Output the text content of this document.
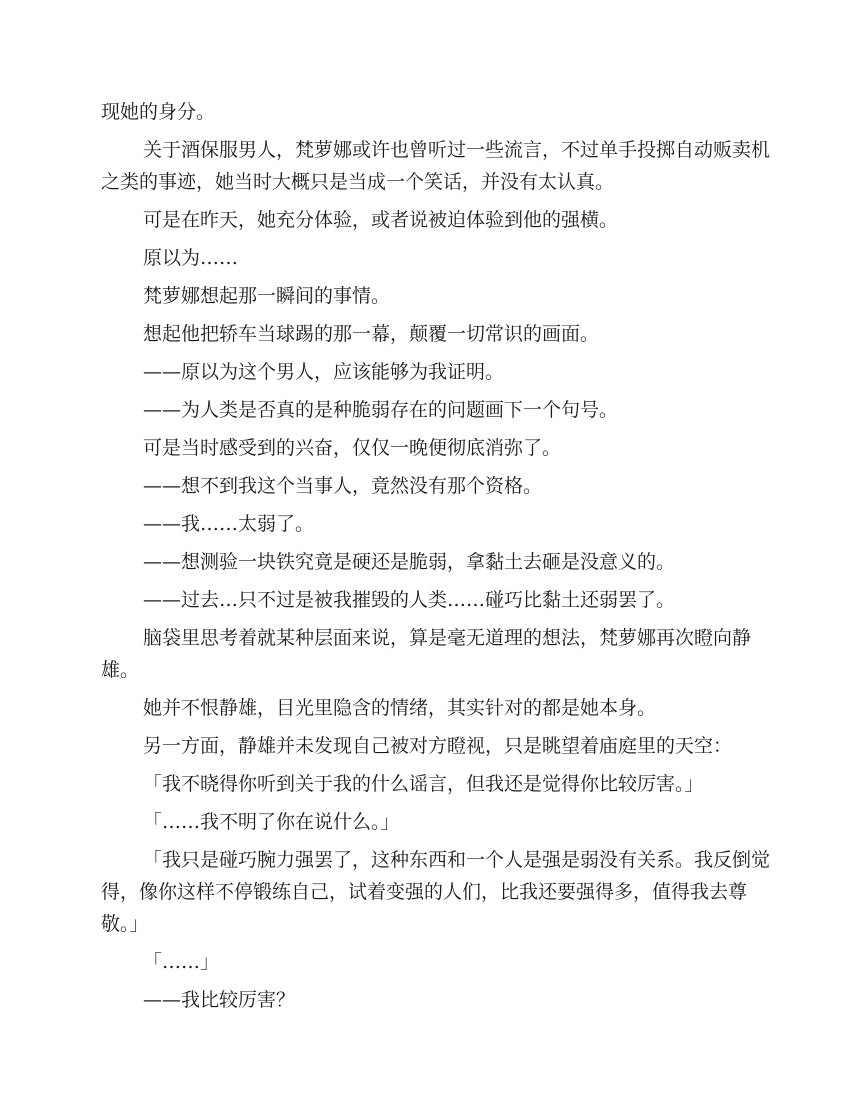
现她的身分。

关于酒保服男人，梵萝娜或许也曾听过一些流言，不过单手投掷自动贩卖机之类的事迹，她当时大概只是当成一个笑话，并没有太认真。

可是在昨天，她充分体验，或者说被迫体验到他的强横。

原以为……

梵萝娜想起那一瞬间的事情。

想起他把轿车当球踢的那一幕，颠覆一切常识的画面。

——原以为这个男人，应该能够为我证明。

——为人类是否真的是种脆弱存在的问题画下一个句号。

可是当时感受到的兴奋，仅仅一晚便彻底消弥了。

——想不到我这个当事人，竟然没有那个资格。

——我……太弱了。

——想测验一块铁究竟是硬还是脆弱，拿黏土去砸是没意义的。

——过去…只不过是被我摧毁的人类……碰巧比黏土还弱罢了。

脑袋里思考着就某种层面来说，算是毫无道理的想法，梵萝娜再次瞪向静雄。

她并不恨静雄，目光里隐含的情绪，其实针对的都是她本身。

另一方面，静雄并未发现自己被对方瞪视，只是眺望着庙庭里的天空：

「我不晓得你听到关于我的什么谣言，但我还是觉得你比较厉害。」

「……我不明了你在说什么。」

「我只是碰巧腕力强罢了，这种东西和一个人是强是弱没有关系。我反倒觉得，像你这样不停锻练自己，试着变强的人们，比我还要强得多，值得我去尊敬。」

「……」

——我比较厉害？
